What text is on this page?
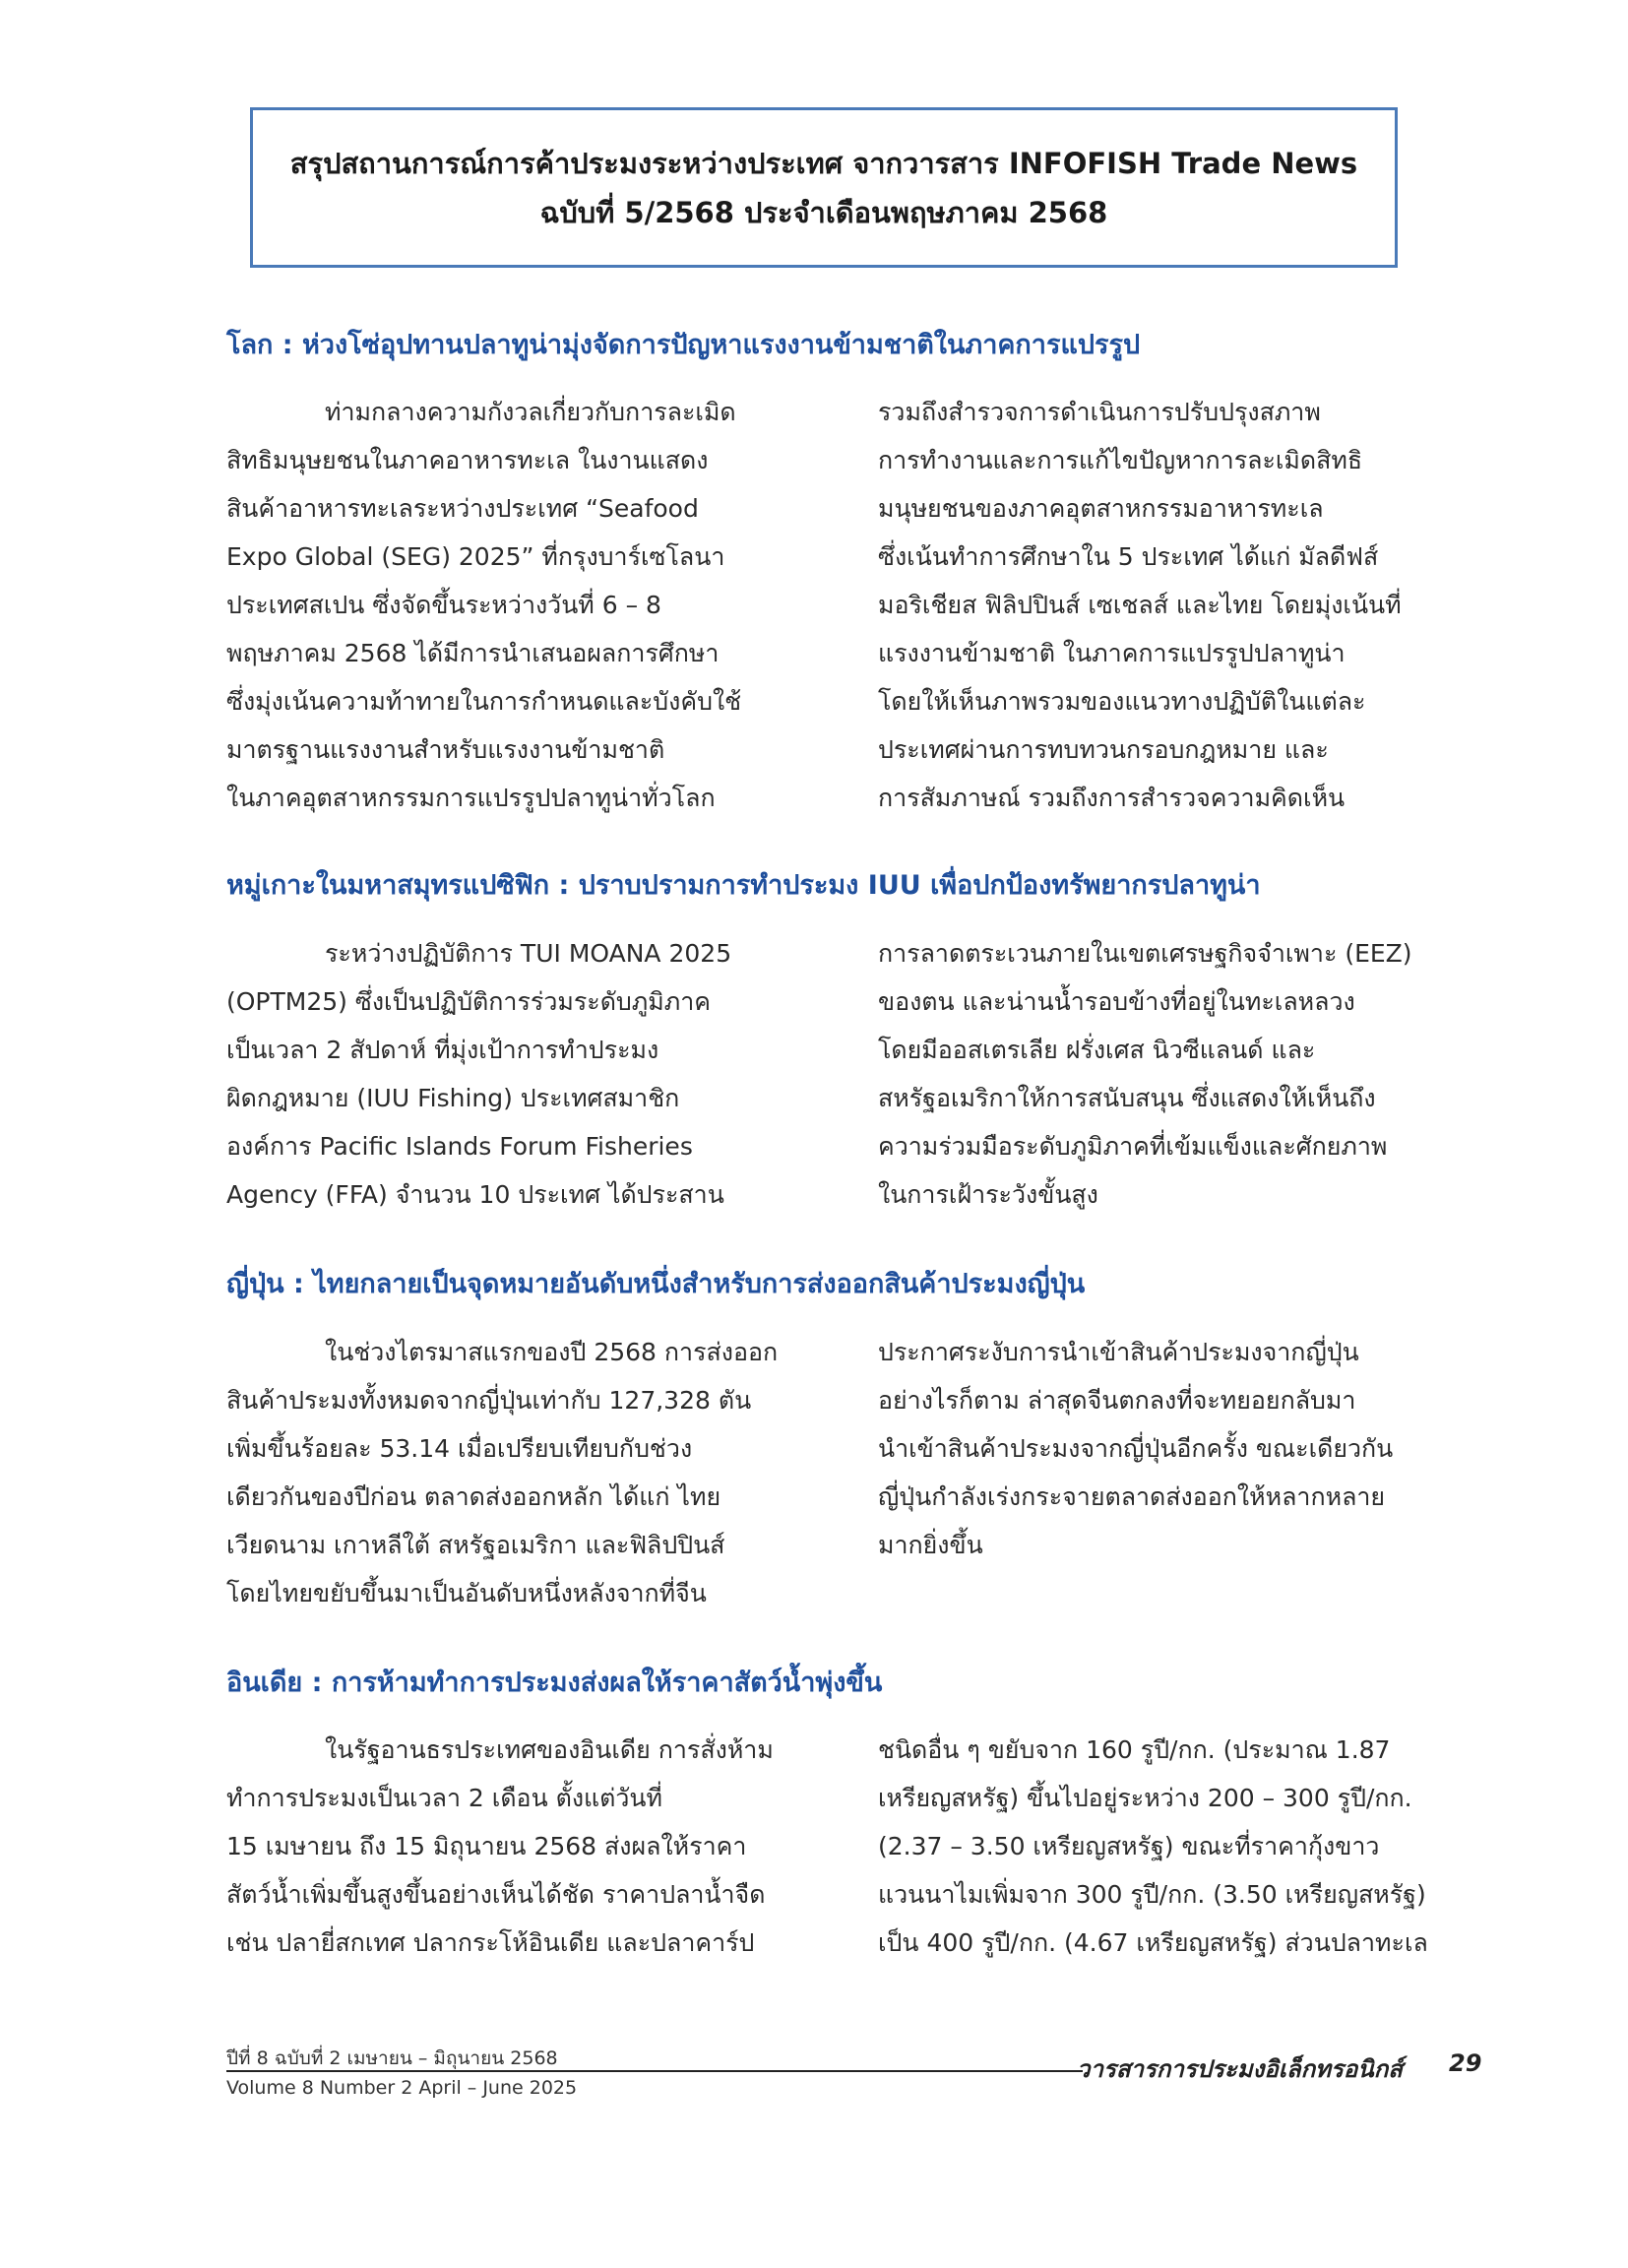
สรุปสถานการณ์การค้าประมงระหว่างประเทศ จากวารสาร INFOFISH Trade News
ฉบับที่ 5/2568 ประจำเดือนพฤษภาคม 2568
โลก : ห่วงโซ่อุปทานปลาทูน่ามุ่งจัดการปัญหาแรงงานข้ามชาติในภาคการแปรรูป
ท่ามกลางความกังวลเกี่ยวกับการละเมิด
สิทธิมนุษยชนในภาคอาหารทะเล ในงานแสดง
สินค้าอาหารทะเลระหว่างประเทศ “Seafood
Expo Global (SEG) 2025” ที่กรุงบาร์เซโลนา
ประเทศสเปน ซึ่งจัดขึ้นระหว่างวันที่ 6 – 8
พฤษภาคม 2568 ได้มีการนำเสนอผลการศึกษา
ซึ่งมุ่งเน้นความท้าทายในการกำหนดและบังคับใช้
มาตรฐานแรงงานสำหรับแรงงานข้ามชาติ
ในภาคอุตสาหกรรมการแปรรูปปลาทูน่าทั่วโลก
รวมถึงสำรวจการดำเนินการปรับปรุงสภาพ
การทำงานและการแก้ไขปัญหาการละเมิดสิทธิ
มนุษยชนของภาคอุตสาหกรรมอาหารทะเล
ซึ่งเน้นทำการศึกษาใน 5 ประเทศ ได้แก่ มัลดีฟส์
มอริเชียส ฟิลิปปินส์ เซเชลส์ และไทย โดยมุ่งเน้นที่
แรงงานข้ามชาติ ในภาคการแปรรูปปลาทูน่า
โดยให้เห็นภาพรวมของแนวทางปฏิบัติในแต่ละ
ประเทศผ่านการทบทวนกรอบกฎหมาย และ
การสัมภาษณ์ รวมถึงการสำรวจความคิดเห็น
หมู่เกาะในมหาสมุทรแปซิฟิก : ปราบปรามการทำประมง IUU เพื่อปกป้องทรัพยากรปลาทูน่า
ระหว่างปฏิบัติการ TUI MOANA 2025
(OPTM25) ซึ่งเป็นปฏิบัติการร่วมระดับภูมิภาค
เป็นเวลา 2 สัปดาห์ ที่มุ่งเป้าการทำประมง
ผิดกฎหมาย (IUU Fishing) ประเทศสมาชิก
องค์การ Pacific Islands Forum Fisheries
Agency (FFA) จำนวน 10 ประเทศ ได้ประสาน
การลาดตระเวนภายในเขตเศรษฐกิจจำเพาะ (EEZ)
ของตน และน่านน้ำรอบข้างที่อยู่ในทะเลหลวง
โดยมีออสเตรเลีย ฝรั่งเศส นิวซีแลนด์ และ
สหรัฐอเมริกาให้การสนับสนุน ซึ่งแสดงให้เห็นถึง
ความร่วมมือระดับภูมิภาคที่เข้มแข็งและศักยภาพ
ในการเฝ้าระวังขั้นสูง
ญี่ปุ่น : ไทยกลายเป็นจุดหมายอันดับหนึ่งสำหรับการส่งออกสินค้าประมงญี่ปุ่น
ในช่วงไตรมาสแรกของปี 2568 การส่งออก
สินค้าประมงทั้งหมดจากญี่ปุ่นเท่ากับ 127,328 ตัน
เพิ่มขึ้นร้อยละ 53.14 เมื่อเปรียบเทียบกับช่วง
เดียวกันของปีก่อน ตลาดส่งออกหลัก ได้แก่ ไทย
เวียดนาม เกาหลีใต้ สหรัฐอเมริกา และฟิลิปปินส์
โดยไทยขยับขึ้นมาเป็นอันดับหนึ่งหลังจากที่จีน
ประกาศระงับการนำเข้าสินค้าประมงจากญี่ปุ่น
อย่างไรก็ตาม ล่าสุดจีนตกลงที่จะทยอยกลับมา
นำเข้าสินค้าประมงจากญี่ปุ่นอีกครั้ง ขณะเดียวกัน
ญี่ปุ่นกำลังเร่งกระจายตลาดส่งออกให้หลากหลาย
มากยิ่งขึ้น
อินเดีย : การห้ามทำการประมงส่งผลให้ราคาสัตว์น้ำพุ่งขึ้น
ในรัฐอานธรประเทศของอินเดีย การสั่งห้าม
ทำการประมงเป็นเวลา 2 เดือน ตั้งแต่วันที่
15 เมษายน ถึง 15 มิถุนายน 2568 ส่งผลให้ราคา
สัตว์น้ำเพิ่มขึ้นสูงขึ้นอย่างเห็นได้ชัด ราคาปลาน้ำจืด
เช่น ปลายี่สกเทศ ปลากระโห้อินเดีย และปลาคาร์ป
ชนิดอื่น ๆ ขยับจาก 160 รูปี/กก. (ประมาณ 1.87
เหรียญสหรัฐ) ขึ้นไปอยู่ระหว่าง 200 – 300 รูปี/กก.
(2.37 – 3.50 เหรียญสหรัฐ) ขณะที่ราคากุ้งขาว
แวนนาไมเพิ่มจาก 300 รูปี/กก. (3.50 เหรียญสหรัฐ)
เป็น 400 รูปี/กก. (4.67 เหรียญสหรัฐ) ส่วนปลาทะเล
ปีที่ 8 ฉบับที่ 2 เมษายน – มิถุนายน 2568
Volume 8 Number 2 April – June 2025
วารสารการประมงอิเล็กทรอนิกส์ 29
